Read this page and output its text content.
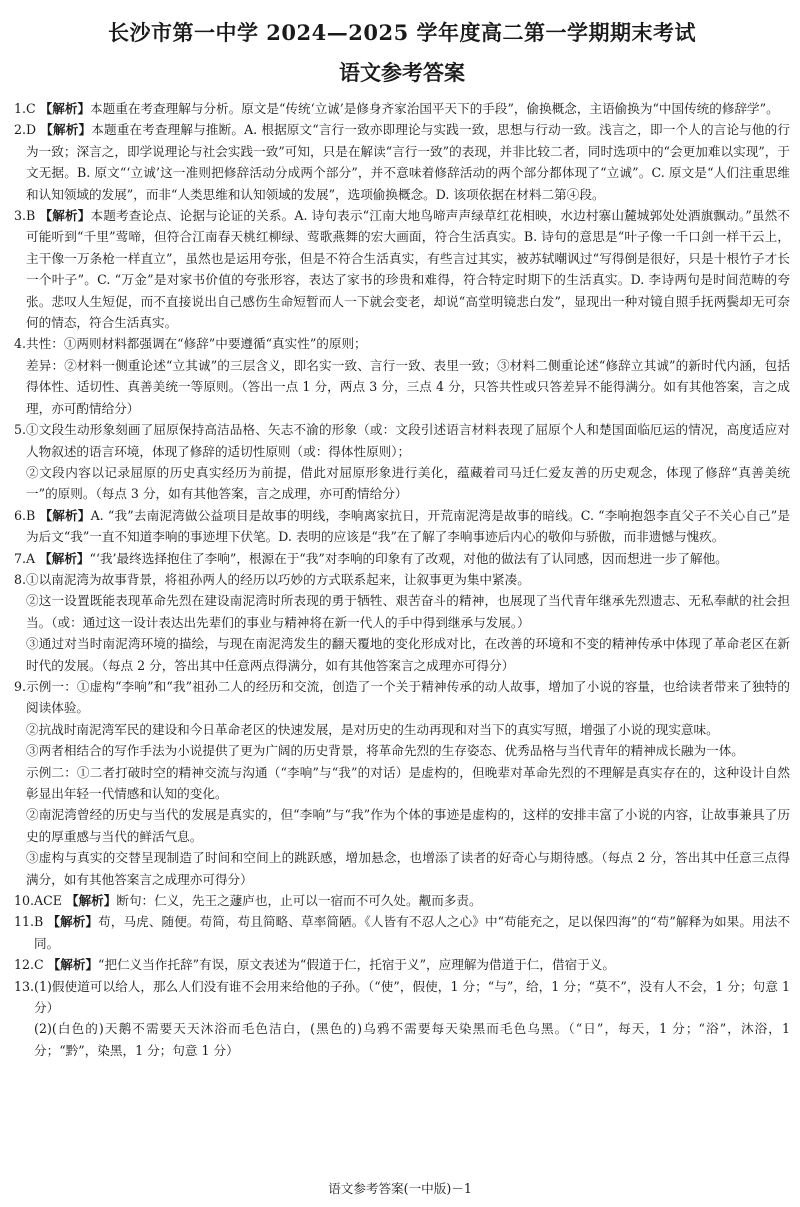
长沙市第一中学 2024—2025 学年度高二第一学期期末考试
语文参考答案
1. C 【解析】本题重在考查理解与分析。原文是“传统‘立诚’是修身齐家治国平天下的手段”，偷换概念，主语偷换为“中国传统的修辞学”。
2. D 【解析】本题重在考查理解与推断。A. 根据原文“言行一致亦即理论与实践一致，思想与行动一致。浅言之，即一个人的言论与他的行为一致；深言之，即学说理论与社会实践一致”可知，只是在解读“言行一致”的表现，并非比较二者，同时选项中的“会更加难以实现”，于文无据。B. 原文“‘立诚’这一准则把修辞活动分成两个部分”，并不意味着修辞活动的两个部分都体现了“立诚”。C. 原文是“人们注重思维和认知领域的发展”，而非“人类思维和认知领域的发展”，选项偷换概念。D. 该项依据在材料二第④段。
3. B 【解析】本题考查论点、论据与论证的关系。A. 诗句表示“江南大地鸟啼声声绿草红花相映，水边村寨山麓城郭处处酒旗飘动。”虽然不可能听到“千里”莺啼，但符合江南春天桃红柳绿、莺歌燕舞的宏大画面，符合生活真实。B. 诗句的意思是“叶子像一千口剑一样干云上，主干像一万条枪一样直立”，虽然也是运用夸张，但是不符合生活真实，有些言过其实，被苏轼嘲讽过“写得倒是很好，只是十根竹子才长一个叶子”。C. “万金”是对家书价值的夸张形容，表达了家书的珍贵和难得，符合特定时期下的生活真实。D. 李诗两句是时间范畴的夸张。悲叹人生短促，而不直接说出自己感伤生命短暂而人一下就会变老，却说“高堂明镜悲白发”，显现出一种对镜自照手抚两鬓却无可奈何的情态，符合生活真实。
4. 共性：①两则材料都强调在“修辞”中要遵循“真实性”的原则；
差异：②材料一侧重论述“立其诚”的三层含义，即名实一致、言行一致、表里一致；③材料二侧重论述“修辞立其诚”的新时代内涵，包括得体性、适切性、真善美统一等原则。（答出一点 1 分，两点 3 分，三点 4 分，只答共性或只答差异不能得满分。如有其他答案，言之成理，亦可酌情给分）
5. ①文段生动形象刻画了屈原保持高洁品格、矢志不渝的形象（或：文段引述语言材料表现了屈原个人和楚国面临厄运的情况，高度适应对人物叙述的语言环境，体现了修辞的适切性原则（或：得体性原则）；
②文段内容以记录屈原的历史真实经历为前提，借此对屈原形象进行美化，蕴藏着司马迁仁爱友善的历史观念，体现了修辞“真善美统一”的原则。（每点 3 分，如有其他答案，言之成理，亦可酌情给分）
6. B 【解析】A. “我”去南泥湾做公益项目是故事的明线，李响离家抗日，开荒南泥湾是故事的暗线。C. “李响抱怨李直父子不关心自己”是为后文“我”一直不知道李响的事迹埋下伏笔。D. 表明的应该是“我”在了解了李响事迹后内心的敬仰与骄傲，而非遗憾与愧疚。
7. A 【解析】“‘我’最终选择抱住了李响”，根源在于“我”对李响的印象有了改观，对他的做法有了认同感，因而想进一步了解他。
8. ①以南泥湾为故事背景，将祖孙两人的经历以巧妙的方式联系起来，让叙事更为集中紧凑。
②这一设置既能表现革命先烈在建设南泥湾时所表现的勇于牺牲、艰苦奋斗的精神，也展现了当代青年继承先烈遗志、无私奉献的社会担当。（或：通过这一设计表达出先辈们的事业与精神将在新一代人的手中得到继承与发展。）
③通过对当时南泥湾环境的描绘，与现在南泥湾发生的翻天覆地的变化形成对比，在改善的环境和不变的精神传承中体现了革命老区在新时代的发展。（每点 2 分，答出其中任意两点得满分，如有其他答案言之成理亦可得分）
9. 示例一：①虚构“李响”和“我”祖孙二人的经历和交流，创造了一个关于精神传承的动人故事，增加了小说的容量，也给读者带来了独特的阅读体验。
②抗战时南泥湾军民的建设和今日革命老区的快速发展，是对历史的生动再现和对当下的真实写照，增强了小说的现实意味。
③两者相结合的写作手法为小说提供了更为广阔的历史背景，将革命先烈的生存姿态、优秀品格与当代青年的精神成长融为一体。
示例二：①二者打破时空的精神交流与沟通（“李响”与“我”的对话）是虚构的，但晚辈对革命先烈的不理解是真实存在的，这种设计自然彰显出年轻一代情感和认知的变化。
②南泥湾曾经的历史与当代的发展是真实的，但“李响”与“我”作为个体的事迹是虚构的，这样的安排丰富了小说的内容，让故事兼具了历史的厚重感与当代的鲜活气息。
③虚构与真实的交替呈现制造了时间和空间上的跳跃感，增加悬念，也增添了读者的好奇心与期待感。（每点 2 分，答出其中任意三点得满分，如有其他答案言之成理亦可得分）
10. ACE 【解析】断句：仁义，先王之蘧庐也，止可以一宿而不可久处。觏而多责。
11. B 【解析】苟，马虎、随便。苟简，苟且简略、草率简陋。《人皆有不忍人之心》中“苟能充之，足以保四海”的“苟”解释为如果。用法不同。
12. C 【解析】“把仁义当作托辞”有误，原文表述为“假道于仁，托宿于义”，应理解为借道于仁，借宿于义。
13. (1)假使道可以给人，那么人们没有谁不会用来给他的子孙。（“使”，假使，1 分；“与”，给，1 分；“莫不”，没有人不会，1 分；句意 1 分）
(2)(白色的)天鹅不需要天天沐浴而毛色洁白，(黑色的)乌鸦不需要每天染黑而毛色乌黑。（“日”，每天，1 分；“浴”，沐浴，1 分；“黔”，染黑，1 分；句意 1 分）
语文参考答案(一中版)－1
